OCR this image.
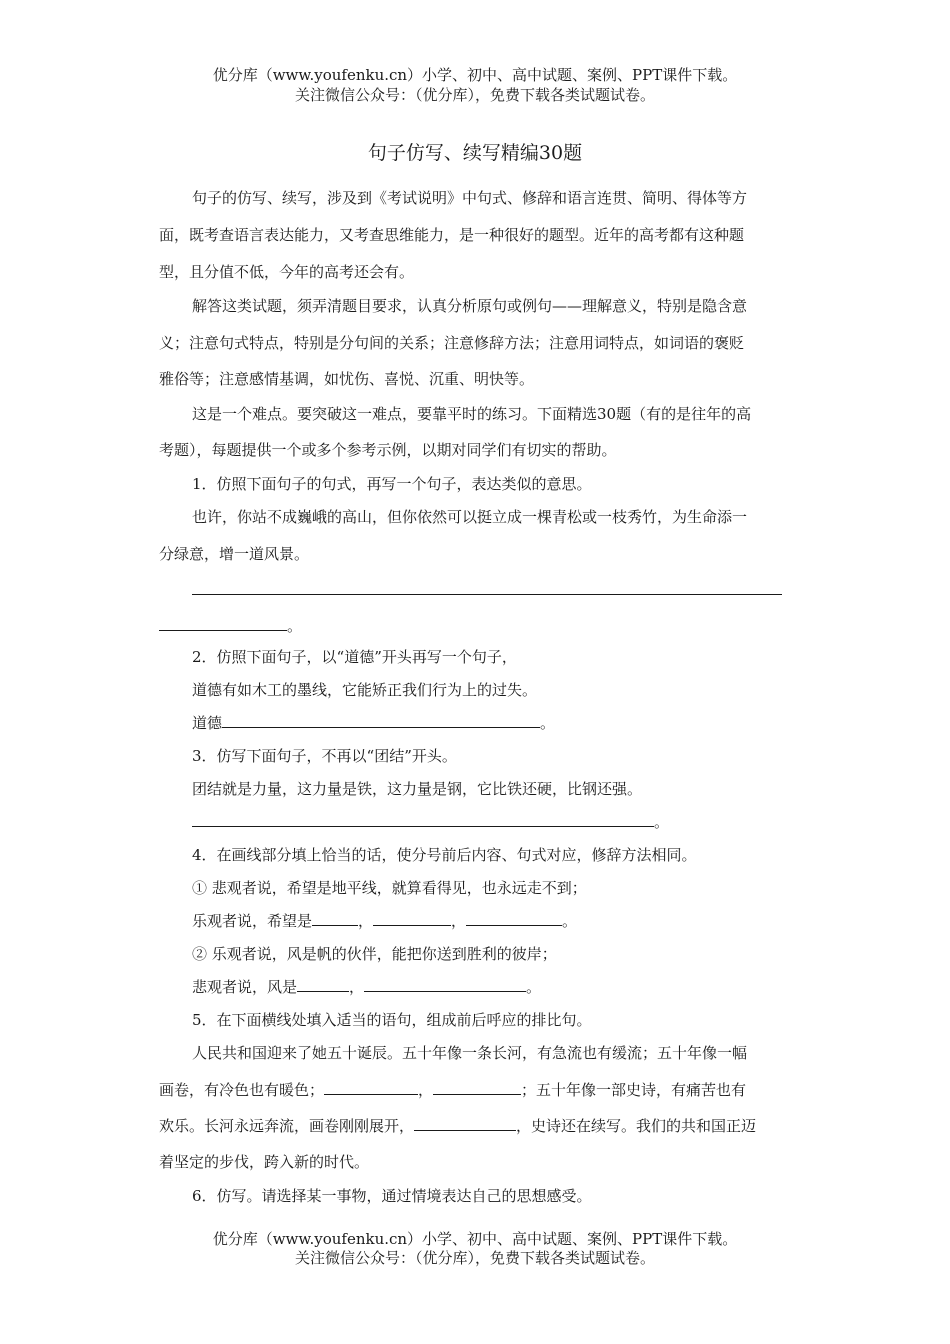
优分库（www.youfenku.cn）小学、初中、高中试题、案例、PPT课件下载。
关注微信公众号：（优分库），免费下载各类试题试卷。
句子仿写、续写精编30题
句子的仿写、续写，涉及到《考试说明》中句式、修辞和语言连贯、简明、得体等方
面，既考查语言表达能力，又考查思维能力，是一种很好的题型。近年的高考都有这种题
型，且分值不低，今年的高考还会有。
解答这类试题，须弄清题目要求，认真分析原句或例句——理解意义，特别是隐含意
义；注意句式特点，特别是分句间的关系；注意修辞方法；注意用词特点，如词语的褒贬
雅俗等；注意感情基调，如忧伤、喜悦、沉重、明快等。
这是一个难点。要突破这一难点，要靠平时的练习。下面精选30题（有的是往年的高
考题），每题提供一个或多个参考示例，以期对同学们有切实的帮助。
1．仿照下面句子的句式，再写一个句子，表达类似的意思。
也许，你站不成巍峨的高山，但你依然可以挺立成一棵青松或一枝秀竹，为生命添一
分绿意，增一道风景。
。
2．仿照下面句子，以“道德”开头再写一个句子，
道德有如木工的墨线，它能矫正我们行为上的过失。
道德	。
3．仿写下面句子，不再以“团结”开头。
团结就是力量，这力量是铁，这力量是钢，它比铁还硬，比钢还强。
。
4．在画线部分填上恰当的话，使分号前后内容、句式对应，修辞方法相同。
① 悲观者说，希望是地平线，就算看得见，也永远走不到；
乐观者说，希望是	，	，	。
② 乐观者说，风是帆的伙伴，能把你送到胜利的彼岸；
悲观者说，风是	，	。
5．在下面横线处填入适当的语句，组成前后呼应的排比句。
人民共和国迎来了她五十诞辰。五十年像一条长河，有急流也有缓流；五十年像一幅
画卷，有冷色也有暖色；	，	；五十年像一部史诗，有痛苦也有
欢乐。长河永远奔流，画卷刚刚展开，	，史诗还在续写。我们的共和国正迈
着坚定的步伐，跨入新的时代。
6．仿写。请选择某一事物，通过情境表达自己的思想感受。
优分库（www.youfenku.cn）小学、初中、高中试题、案例、PPT课件下载。
关注微信公众号：（优分库），免费下载各类试题试卷。
